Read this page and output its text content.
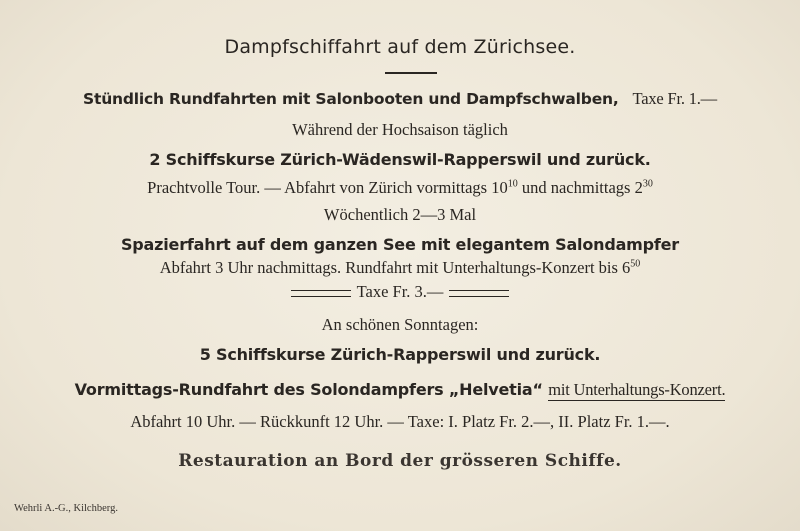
Dampfschiffahrt auf dem Zürichsee.
Stündlich Rundfahrten mit Salonbooten und Dampfschwalben, Taxe Fr. 1.—
Während der Hochsaison täglich
2 Schiffskurse Zürich-Wädenswil-Rapperswil und zurück.
Prachtvolle Tour. — Abfahrt von Zürich vormittags $10^{10}$ und nachmittags $2^{30}$
Wöchentlich 2—3 Mal
Spazierfahrt auf dem ganzen See mit elegantem Salondampfer
Abfahrt 3 Uhr nachmittags. Rundfahrt mit Unterhaltungs-Konzert bis $6^{50}$
Taxe Fr. 3.—
An schönen Sonntagen:
5 Schiffskurse Zürich-Rapperswil und zurück.
Vormittags-Rundfahrt des Solondampfers „Helvetia“ mit Unterhaltungs-Konzert.
Abfahrt 10 Uhr. — Rückkunft 12 Uhr. — Taxe: I. Platz Fr. 2.—, II. Platz Fr. 1.—.
Restauration an Bord der grösseren Schiffe.
Wehrli A.-G., Kilchberg.
